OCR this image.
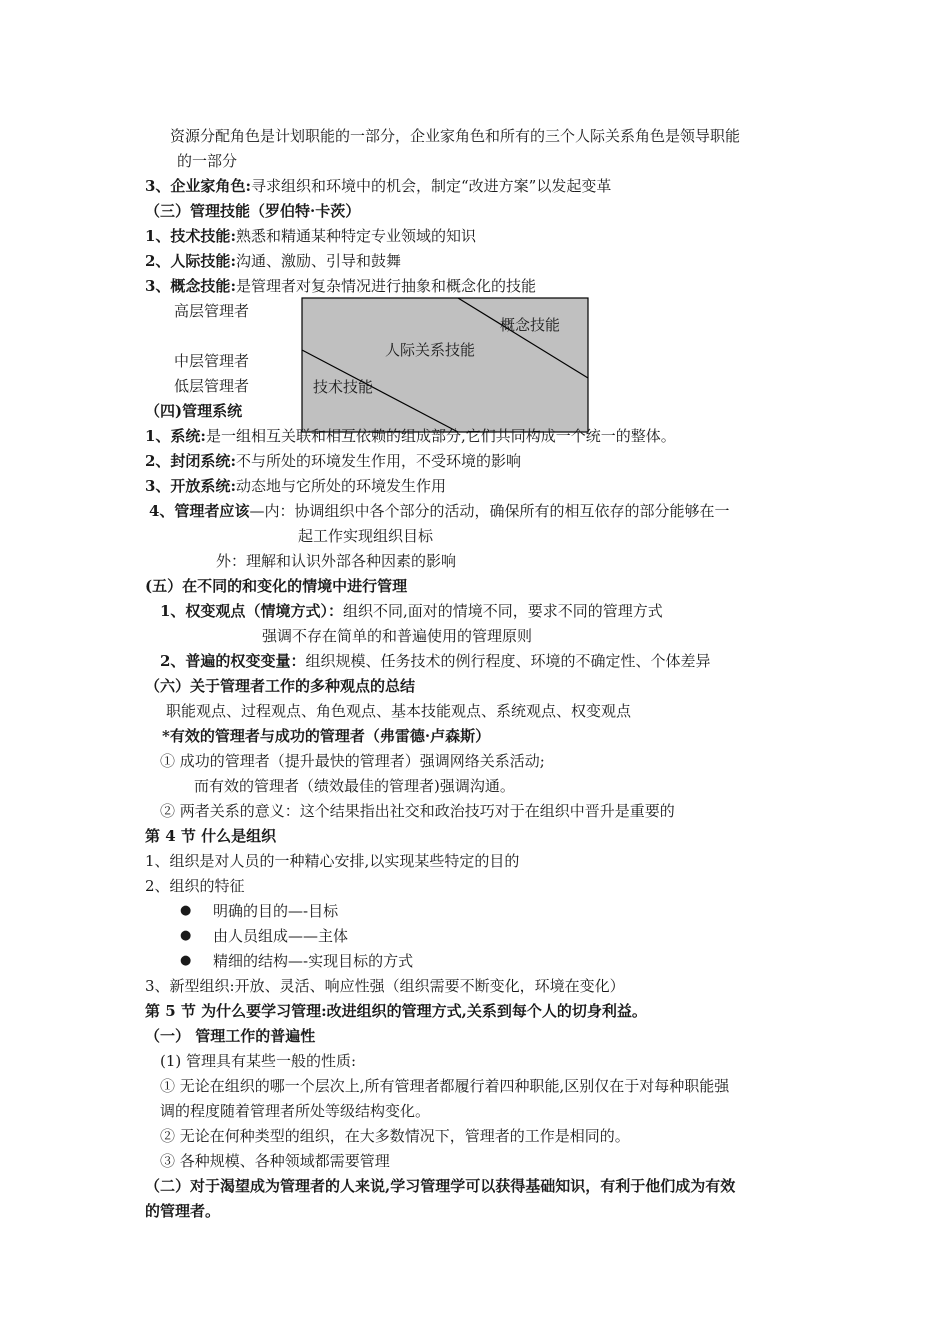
概念技能
人际关系技能
技术技能
资源分配角色是计划职能的一部分，企业家角色和所有的三个人际关系角色是领导职能
的一部分
3、企业家角色:寻求组织和环境中的机会，制定“改进方案”以发起变革
（三）管理技能（罗伯特·卡茨）
1、技术技能:熟悉和精通某种特定专业领域的知识
2、人际技能:沟通、激励、引导和鼓舞
3、概念技能:是管理者对复杂情况进行抽象和概念化的技能
高层管理者
中层管理者
低层管理者
（四)管理系统
1、系统:是一组相互关联和相互依赖的组成部分,它们共同构成一个统一的整体。
2、封闭系统:不与所处的环境发生作用，不受环境的影响
3、开放系统:动态地与它所处的环境发生作用
4、管理者应该—内：协调组织中各个部分的活动，确保所有的相互依存的部分能够在一
起工作实现组织目标
外：理解和认识外部各种因素的影响
(五）在不同的和变化的情境中进行管理
1、权变观点（情境方式）：组织不同,面对的情境不同，要求不同的管理方式
强调不存在简单的和普遍使用的管理原则
2、普遍的权变变量：组织规模、任务技术的例行程度、环境的不确定性、个体差异
（六）关于管理者工作的多种观点的总结
职能观点、过程观点、角色观点、基本技能观点、系统观点、权变观点
*有效的管理者与成功的管理者（弗雷德·卢森斯）
① 成功的管理者（提升最快的管理者）强调网络关系活动;
而有效的管理者（绩效最佳的管理者)强调沟通。
② 两者关系的意义：这个结果指出社交和政治技巧对于在组织中晋升是重要的
第 4 节 什么是组织
1、组织是对人员的一种精心安排,以实现某些特定的目的
2、组织的特征
● 明确的目的—-目标
● 由人员组成——主体
● 精细的结构—-实现目标的方式
3、新型组织:开放、灵活、响应性强（组织需要不断变化，环境在变化）
第 5 节 为什么要学习管理:改进组织的管理方式,关系到每个人的切身利益。
（一） 管理工作的普遍性
(1) 管理具有某些一般的性质:
① 无论在组织的哪一个层次上,所有管理者都履行着四种职能,区别仅在于对每种职能强
调的程度随着管理者所处等级结构变化。
② 无论在何种类型的组织，在大多数情况下，管理者的工作是相同的。
③ 各种规模、各种领域都需要管理
（二）对于渴望成为管理者的人来说,学习管理学可以获得基础知识，有利于他们成为有效
的管理者。
